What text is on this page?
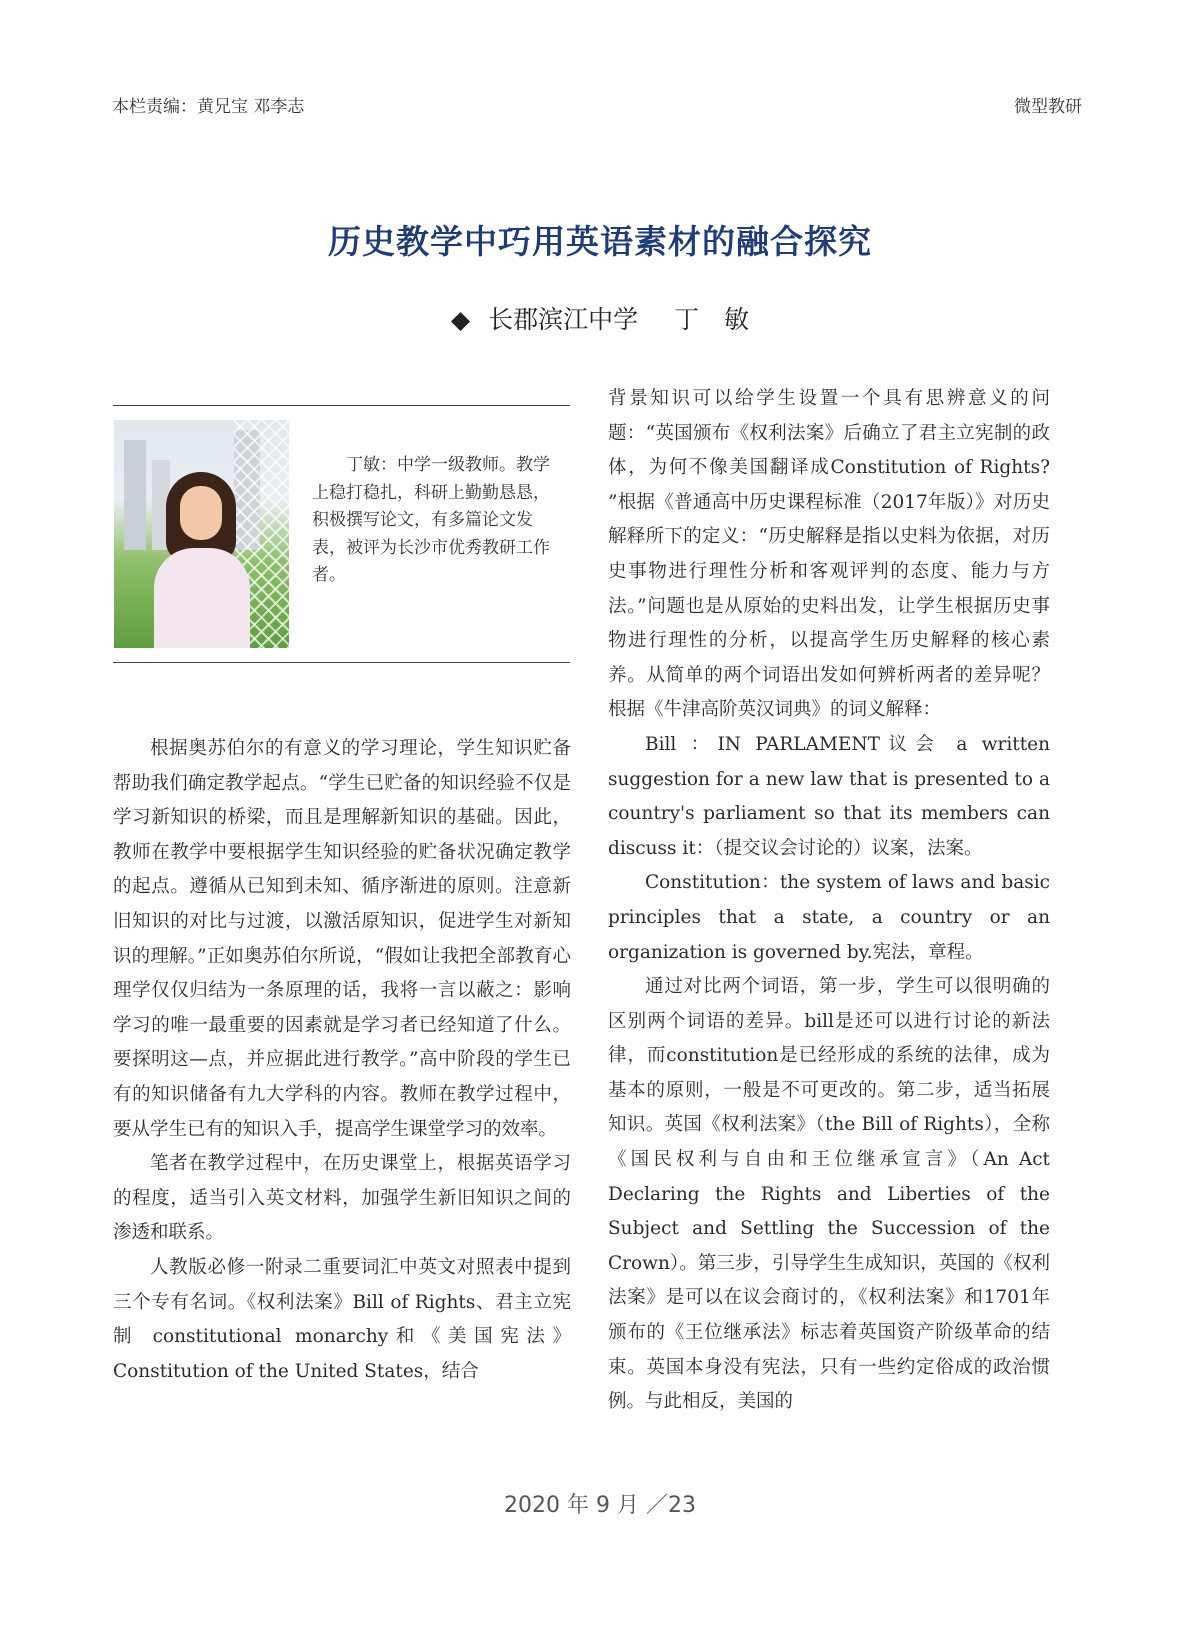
本栏责编：黄兄宝 邓李志	微型教研
历史教学中巧用英语素材的融合探究
◆ 长郡滨江中学 丁　敏
丁敏：中学一级教师。教学上稳打稳扎，科研上勤勤恳恳，积极撰写论文，有多篇论文发表，被评为长沙市优秀教研工作者。

根据奥苏伯尔的有意义的学习理论，学生知识贮备帮助我们确定教学起点。“学生已贮备的知识经验不仅是学习新知识的桥梁，而且是理解新知识的基础。因此，教师在教学中要根据学生知识经验的贮备状况确定教学的起点。遵循从已知到未知、循序渐进的原则。注意新旧知识的对比与过渡，以激活原知识，促进学生对新知识的理解。”正如奥苏伯尔所说，“假如让我把全部教育心理学仅仅归结为一条原理的话，我将一言以蔽之：影响学习的唯一最重要的因素就是学习者已经知道了什么。要探明这—点，并应据此进行教学。”高中阶段的学生已有的知识储备有九大学科的内容。教师在教学过程中，要从学生已有的知识入手，提高学生课堂学习的效率。

笔者在教学过程中，在历史课堂上，根据英语学习的程度，适当引入英文材料，加强学生新旧知识之间的渗透和联系。

人教版必修一附录二重要词汇中英文对照表中提到三个专有名词。《权利法案》Bill of Rights、君主立宪制 constitutional monarchy和《美国宪法》Constitution of the United States，结合

背景知识可以给学生设置一个具有思辨意义的问题：“英国颁布《权利法案》后确立了君主立宪制的政体，为何不像美国翻译成Constitution of Rights? ”根据《普通高中历史课程标准（2017年版）》对历史解释所下的定义：“历史解释是指以史料为依据，对历史事物进行理性分析和客观评判的态度、能力与方法。”问题也是从原始的史料出发，让学生根据历史事物进行理性的分析，以提高学生历史解释的核心素养。从简单的两个词语出发如何辨析两者的差异呢？根据《牛津高阶英汉词典》的词义解释：

Bill ：IN PARLAMENT议会 a written suggestion for a new law that is presented to a country's parliament so that its members can discuss it：（提交议会讨论的）议案，法案。

Constitution：the system of laws and basic principles that a state, a country or an organization is governed by.宪法，章程。

通过对比两个词语，第一步，学生可以很明确的区别两个词语的差异。bill是还可以进行讨论的新法律，而constitution是已经形成的系统的法律，成为基本的原则，一般是不可更改的。第二步，适当拓展知识。英国《权利法案》（the Bill of Rights），全称《国民权利与自由和王位继承宣言》（An Act Declaring the Rights and Liberties of the Subject and Settling the Succession of the Crown）。第三步，引导学生生成知识，英国的《权利法案》是可以在议会商讨的，《权利法案》和1701年颁布的《王位继承法》标志着英国资产阶级革命的结束。英国本身没有宪法，只有一些约定俗成的政治惯例。与此相反，美国的

2020 年 9 月 ／23
